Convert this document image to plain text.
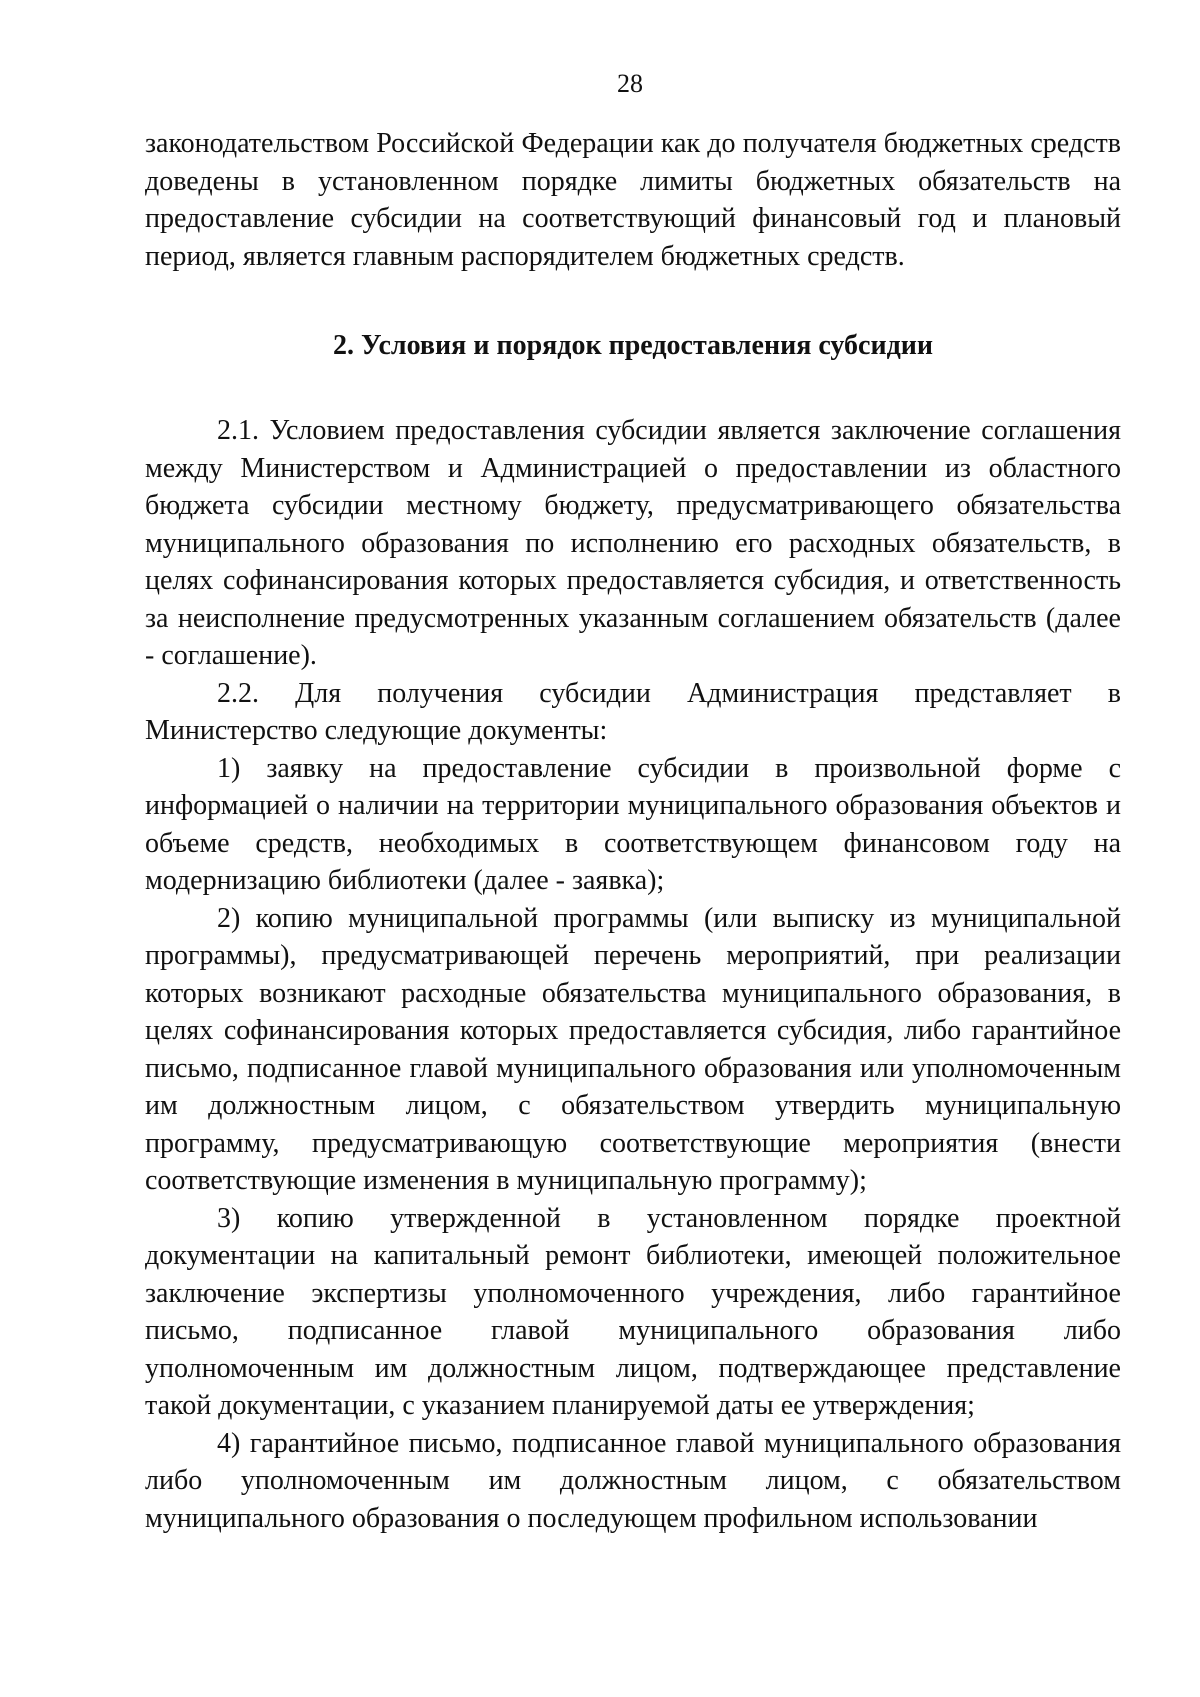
28

законодательством Российской Федерации как до получателя бюджетных средств доведены в установленном порядке лимиты бюджетных обязательств на предоставление субсидии на соответствующий финансовый год и плановый период, является главным распорядителем бюджетных средств.

2. Условия и порядок предоставления субсидии

2.1. Условием предоставления субсидии является заключение соглашения между Министерством и Администрацией о предоставлении из областного бюджета субсидии местному бюджету, предусматривающего обязательства муниципального образования по исполнению его расходных обязательств, в целях софинансирования которых предоставляется субсидия, и ответственность за неисполнение предусмотренных указанным соглашением обязательств (далее - соглашение).

2.2. Для получения субсидии Администрация представляет в Министерство следующие документы:

1) заявку на предоставление субсидии в произвольной форме с информацией о наличии на территории муниципального образования объектов и объеме средств, необходимых в соответствующем финансовом году на модернизацию библиотеки (далее - заявка);

2) копию муниципальной программы (или выписку из муниципальной программы), предусматривающей перечень мероприятий, при реализации которых возникают расходные обязательства муниципального образования, в целях софинансирования которых предоставляется субсидия, либо гарантийное письмо, подписанное главой муниципального образования или уполномоченным им должностным лицом, с обязательством утвердить муниципальную программу, предусматривающую соответствующие мероприятия (внести соответствующие изменения в муниципальную программу);

3) копию утвержденной в установленном порядке проектной документации на капитальный ремонт библиотеки, имеющей положительное заключение экспертизы уполномоченного учреждения, либо гарантийное письмо, подписанное главой муниципального образования либо уполномоченным им должностным лицом, подтверждающее представление такой документации, с указанием планируемой даты ее утверждения;

4) гарантийное письмо, подписанное главой муниципального образования либо уполномоченным им должностным лицом, с обязательством муниципального образования о последующем профильном использовании
